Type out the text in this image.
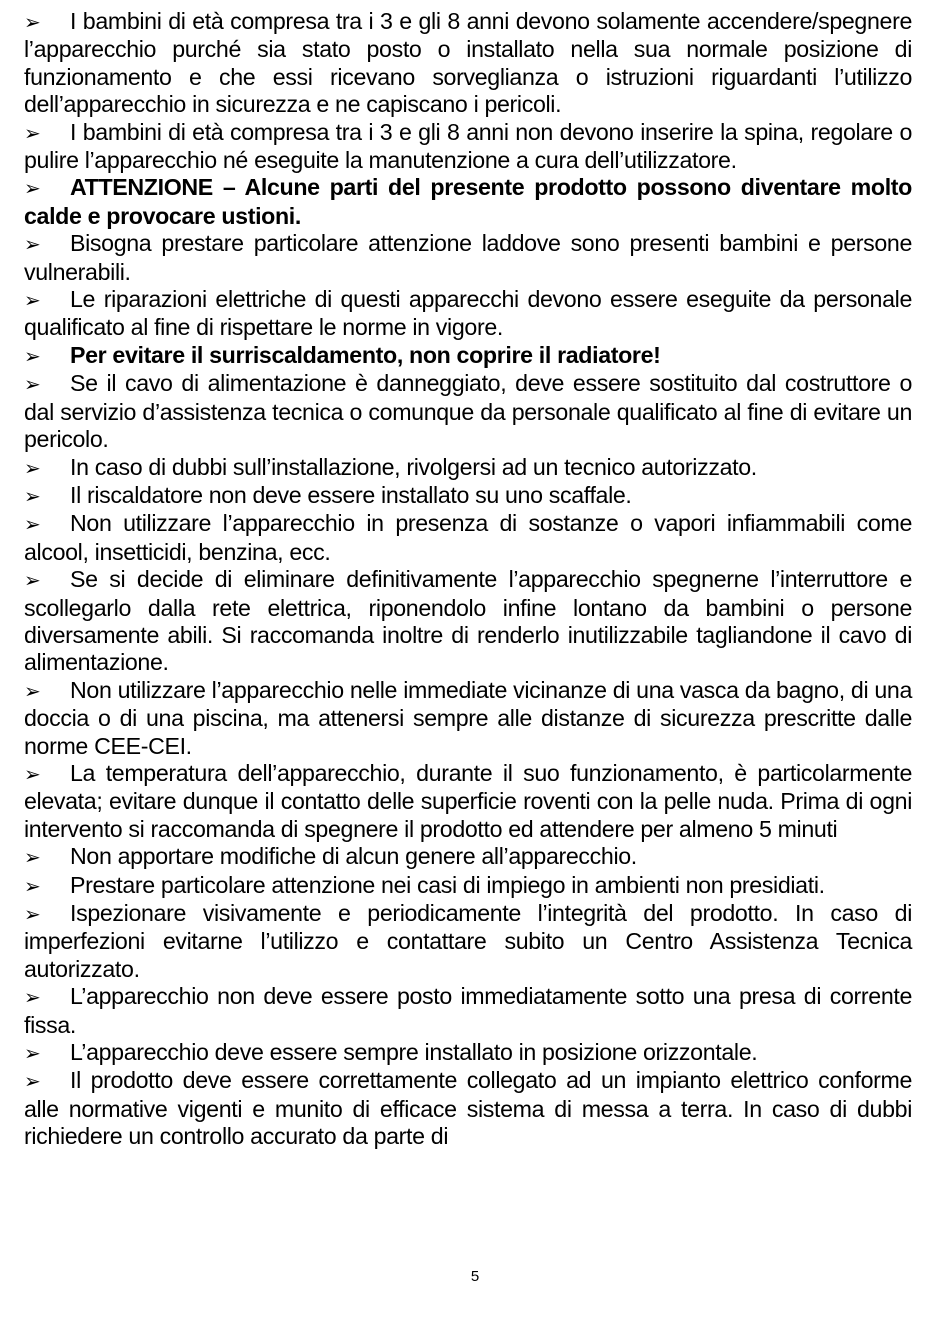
➢ I bambini di età compresa tra i 3 e gli 8 anni devono solamente accendere/spegnere l’apparecchio purché sia stato posto o installato nella sua normale posizione di funzionamento e che essi ricevano sorveglianza o istruzioni riguardanti l’utilizzo dell’apparecchio in sicurezza e ne capiscano i pericoli.
➢ I bambini di età compresa tra i 3 e gli 8 anni non devono inserire la spina, regolare o pulire l’apparecchio né eseguite la manutenzione a cura dell’utilizzatore.
➢ ATTENZIONE – Alcune parti del presente prodotto possono diventare molto calde e provocare ustioni.
➢ Bisogna prestare particolare attenzione laddove sono presenti bambini e persone vulnerabili.
➢ Le riparazioni elettriche di questi apparecchi devono essere eseguite da personale qualificato al fine di rispettare le norme in vigore.
➢ Per evitare il surriscaldamento, non coprire il radiatore!
➢ Se il cavo di alimentazione è danneggiato, deve essere sostituito dal costruttore o dal servizio d’assistenza tecnica o comunque da personale qualificato al fine di evitare un pericolo.
➢ In caso di dubbi sull’installazione, rivolgersi ad un tecnico autorizzato.
➢ Il riscaldatore non deve essere installato su uno scaffale.
➢ Non utilizzare l’apparecchio in presenza di sostanze o vapori infiammabili come alcool, insetticidi, benzina, ecc.
➢ Se si decide di eliminare definitivamente l’apparecchio spegnerne l’interruttore e scollegarlo dalla rete elettrica, riponendolo infine lontano da bambini o persone diversamente abili. Si raccomanda inoltre di renderlo inutilizzabile tagliandone il cavo di alimentazione.
➢ Non utilizzare l’apparecchio nelle immediate vicinanze di una vasca da bagno, di una doccia o di una piscina, ma attenersi sempre alle distanze di sicurezza prescritte dalle norme CEE-CEI.
➢ La temperatura dell’apparecchio, durante il suo funzionamento, è particolarmente elevata; evitare dunque il contatto delle superficie roventi con la pelle nuda. Prima di ogni intervento si raccomanda di spegnere il prodotto ed attendere per almeno 5 minuti
➢ Non apportare modifiche di alcun genere all’apparecchio.
➢ Prestare particolare attenzione nei casi di impiego in ambienti non presidiati.
➢ Ispezionare visivamente e periodicamente l’integrità del prodotto. In caso di imperfezioni evitarne l’utilizzo e contattare subito un Centro Assistenza Tecnica autorizzato.
➢ L’apparecchio non deve essere posto immediatamente sotto una presa di corrente fissa.
➢ L’apparecchio deve essere sempre installato in posizione orizzontale.
➢ Il prodotto deve essere correttamente collegato ad un impianto elettrico conforme alle normative vigenti e munito di efficace sistema di messa a terra. In caso di dubbi richiedere un controllo accurato da parte di
5
